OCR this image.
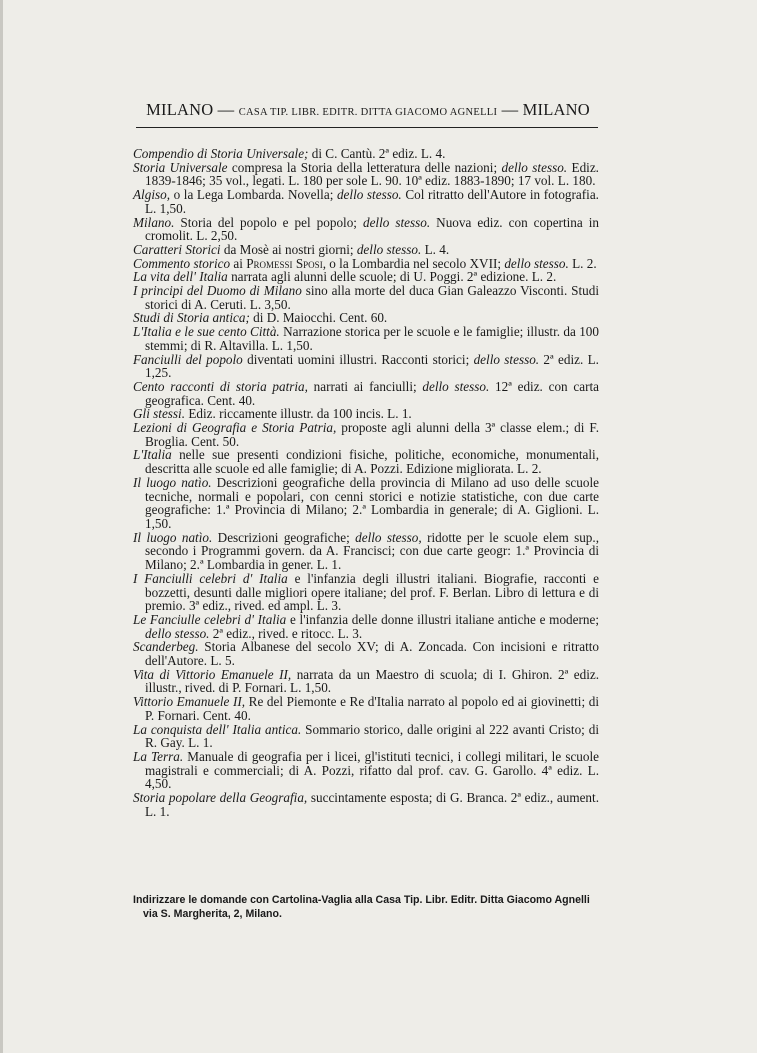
MILANO — CASA TIP. LIBR. EDITR. DITTA GIACOMO AGNELLI — MILANO

Compendio di Storia Universale; di C. Cantù. 2ª ediz. L. 4.

Storia Universale compresa la Storia della letteratura delle nazioni; dello stesso. Ediz. 1839-1846; 35 vol., legati. L. 180 per sole L. 90. 10ª ediz. 1883-1890; 17 vol. L. 180.

Algiso, o la Lega Lombarda. Novella; dello stesso. Col ritratto dell'Autore in fotografia. L. 1,50.

Milano. Storia del popolo e pel popolo; dello stesso. Nuova ediz. con copertina in cromolit. L. 2,50.

Caratteri Storici da Mosè ai nostri giorni; dello stesso. L. 4.

Commento storico ai Promessi Sposi, o la Lombardia nel secolo XVII; dello stesso. L. 2.

La vita dell' Italia narrata agli alunni delle scuole; di U. Poggi. 2ª edizione. L. 2.

I principi del Duomo di Milano sino alla morte del duca Gian Galeazzo Visconti. Studi storici di A. Ceruti. L. 3,50.

Studi di Storia antica; di D. Maiocchi. Cent. 60.

L'Italia e le sue cento Città. Narrazione storica per le scuole e le famiglie; illustr. da 100 stemmi; di R. Altavilla. L. 1,50.

Fanciulli del popolo diventati uomini illustri. Racconti storici; dello stesso. 2ª ediz. L. 1,25.

Cento racconti di storia patria, narrati ai fanciulli; dello stesso. 12ª ediz. con carta geografica. Cent. 40.

Gli stessi. Ediz. riccamente illustr. da 100 incis. L. 1.

Lezioni di Geografia e Storia Patria, proposte agli alunni della 3ª classe elem.; di F. Broglia. Cent. 50.

L'Italia nelle sue presenti condizioni fisiche, politiche, economiche, monumentali, descritta alle scuole ed alle famiglie; di A. Pozzi. Edizione migliorata. L. 2.

Il luogo natìo. Descrizioni geografiche della provincia di Milano ad uso delle scuole tecniche, normali e popolari, con cenni storici e notizie statistiche, con due carte geografiche: 1.ª Provincia di Milano; 2.ª Lombardia in generale; di A. Giglioni. L. 1,50.

Il luogo natìo. Descrizioni geografiche; dello stesso, ridotte per le scuole elem sup., secondo i Programmi govern. da A. Francisci; con due carte geogr: 1.ª Provincia di Milano; 2.ª Lombardia in gener. L. 1.

I Fanciulli celebri d' Italia e l'infanzia degli illustri italiani. Biografie, racconti e bozzetti, desunti dalle migliori opere italiane; del prof. F. Berlan. Libro di lettura e di premio. 3ª ediz., rived. ed ampl. L. 3.

Le Fanciulle celebri d' Italia e l'infanzia delle donne illustri italiane antiche e moderne; dello stesso. 2ª ediz., rived. e ritocc. L. 3.

Scanderbeg. Storia Albanese del secolo XV; di A. Zoncada. Con incisioni e ritratto dell'Autore. L. 5.

Vita di Vittorio Emanuele II, narrata da un Maestro di scuola; di I. Ghiron. 2ª ediz. illustr., rived. di P. Fornari. L. 1,50.

Vittorio Emanuele II, Re del Piemonte e Re d'Italia narrato al popolo ed ai giovinetti; di P. Fornari. Cent. 40.

La conquista dell' Italia antica. Sommario storico, dalle origini al 222 avanti Cristo; di R. Gay. L. 1.

La Terra. Manuale di geografia per i licei, gl'istituti tecnici, i collegi militari, le scuole magistrali e commerciali; di A. Pozzi, rifatto dal prof. cav. G. Garollo. 4ª ediz. L. 4,50.

Storia popolare della Geografia, succintamente esposta; di G. Branca. 2ª ediz., aument. L. 1.

Indirizzare le domande con Cartolina-Vaglia alla Casa Tip. Libr. Editr. Ditta Giacomo Agnelli
via S. Margherita, 2, Milano.
